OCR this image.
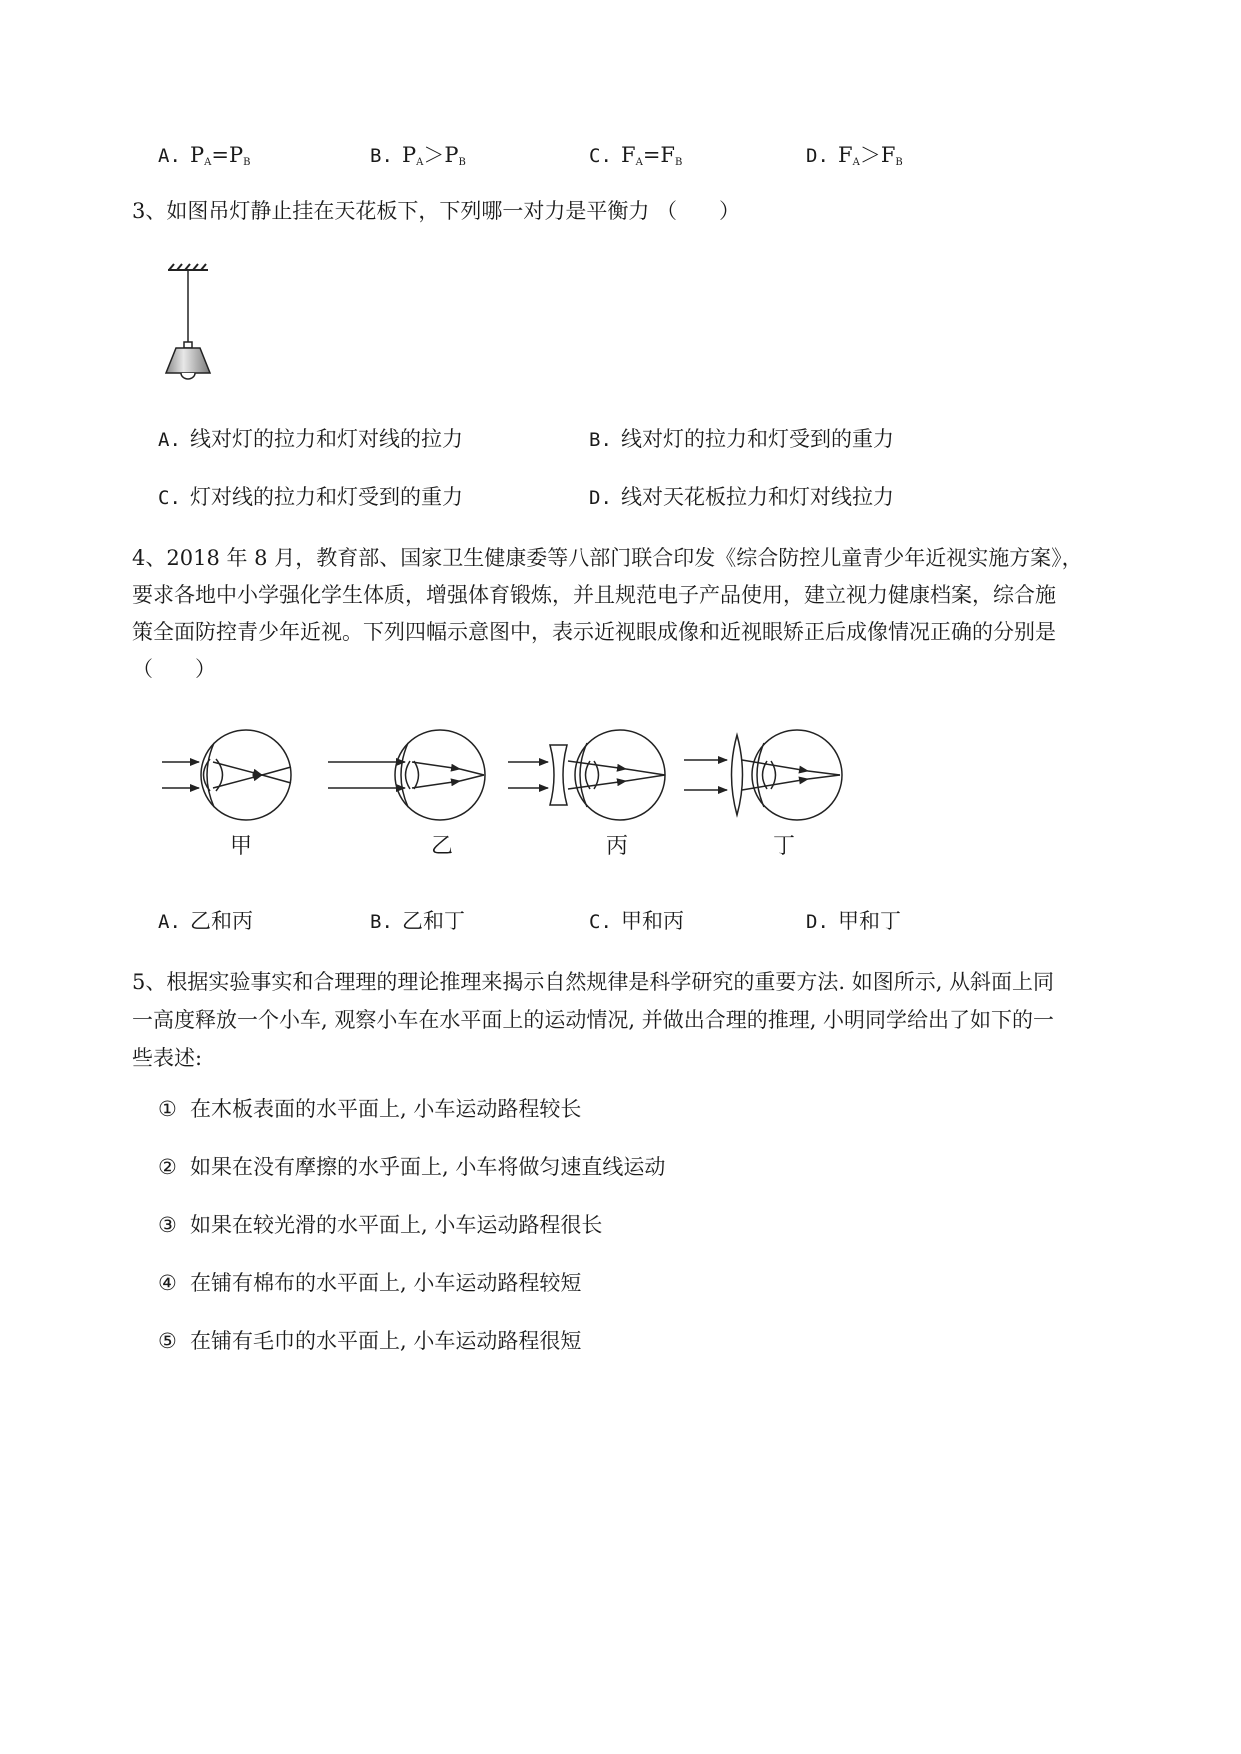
A. $P_A=P_B$	B. $P_A>P_B$	C. $F_A=F_B$	D. $F_A>F_B$
3、如图吊灯静止挂在天花板下，下列哪一对力是平衡力 （　　）
A. 线对灯的拉力和灯对线的拉力	B. 线对灯的拉力和灯受到的重力
C. 灯对线的拉力和灯受到的重力	D. 线对天花板拉力和灯对线拉力
4、2018 年 8 月，教育部、国家卫生健康委等八部门联合印发《综合防控儿童青少年近视实施方案》，
要求各地中小学强化学生体质，增强体育锻炼，并且规范电子产品使用，建立视力健康档案，综合施
策全面防控青少年近视。下列四幅示意图中，表示近视眼成像和近视眼矫正后成像情况正确的分别是
（　　）
甲	乙	丙	丁
A. 乙和丙	B. 乙和丁	C. 甲和丙	D. 甲和丁
5、根据实验事实和合理理的理论推理来揭示自然规律是科学研究的重要方法. 如图所示, 从斜面上同
一高度释放一个小车, 观察小车在水平面上的运动情况, 并做出合理的推理, 小明同学给出了如下的一
些表述:
① 在木板表面的水平面上, 小车运动路程较长
② 如果在没有摩擦的水乎面上, 小车将做匀速直线运动
③ 如果在较光滑的水平面上, 小车运动路程很长
④ 在铺有棉布的水平面上, 小车运动路程较短
⑤ 在铺有毛巾的水平面上, 小车运动路程很短
